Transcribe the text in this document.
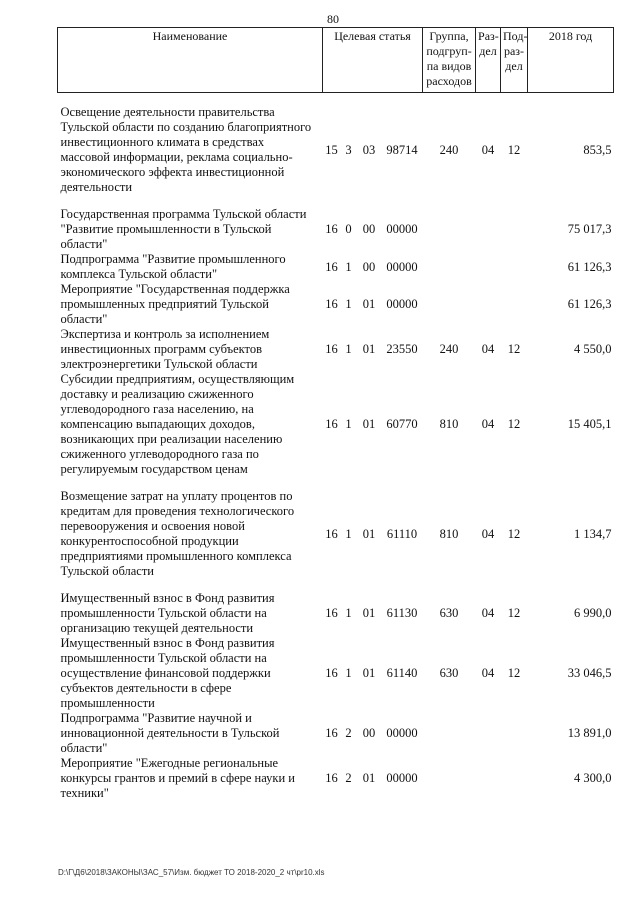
80
Наименование	Целевая статья				Группа, подгруп-па видов расходов	Раз-дел	Под-раз-дел	2018 год

Освещение деятельности правительства Тульской области по созданию благоприятного инвестиционного климата в средствах массовой информации, реклама социально-экономического эффекта инвестиционной деятельности	15	3	03	98714	240	04	12	853,5

Государственная программа Тульской области "Развитие промышленности в Тульской области"	16	0	00	00000				75 017,3
Подпрограмма "Развитие промышленного комплекса Тульской области"	16	1	00	00000				61 126,3
Мероприятие "Государственная поддержка промышленных предприятий Тульской области"	16	1	01	00000				61 126,3
Экспертиза и контроль за исполнением инвестиционных программ субъектов электроэнергетики Тульской области	16	1	01	23550	240	04	12	4 550,0
Субсидии предприятиям, осуществляющим доставку и реализацию сжиженного углеводородного газа населению, на компенсацию выпадающих доходов, возникающих при реализации населению сжиженного углеводородного газа по регулируемым государством ценам	16	1	01	60770	810	04	12	15 405,1

Возмещение затрат на уплату процентов по кредитам для проведения технологического перевооружения и освоения новой конкурентоспособной продукции предприятиями промышленного комплекса Тульской области	16	1	01	61110	810	04	12	1 134,7

Имущественный взнос в Фонд развития промышленности Тульской области на организацию текущей деятельности	16	1	01	61130	630	04	12	6 990,0
Имущественный взнос в Фонд развития промышленности Тульской области на осуществление финансовой поддержки субъектов деятельности в сфере промышленности	16	1	01	61140	630	04	12	33 046,5
Подпрограмма "Развитие научной и инновационной деятельности в Тульской области"	16	2	00	00000				13 891,0
Мероприятие "Ежегодные региональные конкурсы грантов и премий в сфере науки и техники"	16	2	01	00000				4 300,0
D:\Г\Д6\2018\ЗАКОНЫ\ЗАС_57\Изм. бюджет ТО 2018-2020_2 чт\pr10.xls
